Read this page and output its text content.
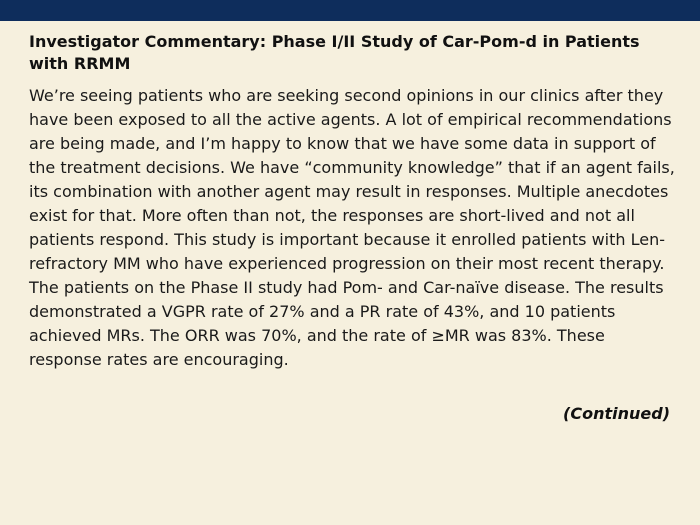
Investigator Commentary: Phase I/II Study of Car-Pom-d in Patients with RRMM

We’re seeing patients who are seeking second opinions in our clinics after they have been exposed to all the active agents. A lot of empirical recommendations are being made, and I’m happy to know that we have some data in support of the treatment decisions. We have “community knowledge” that if an agent fails, its combination with another agent may result in responses. Multiple anecdotes exist for that. More often than not, the responses are short-lived and not all patients respond. This study is important because it enrolled patients with Len-refractory MM who have experienced progression on their most recent therapy. The patients on the Phase II study had Pom- and Car-naïve disease. The results demonstrated a VGPR rate of 27% and a PR rate of 43%, and 10 patients achieved MRs. The ORR was 70%, and the rate of ≥MR was 83%. These response rates are encouraging.

(Continued)
